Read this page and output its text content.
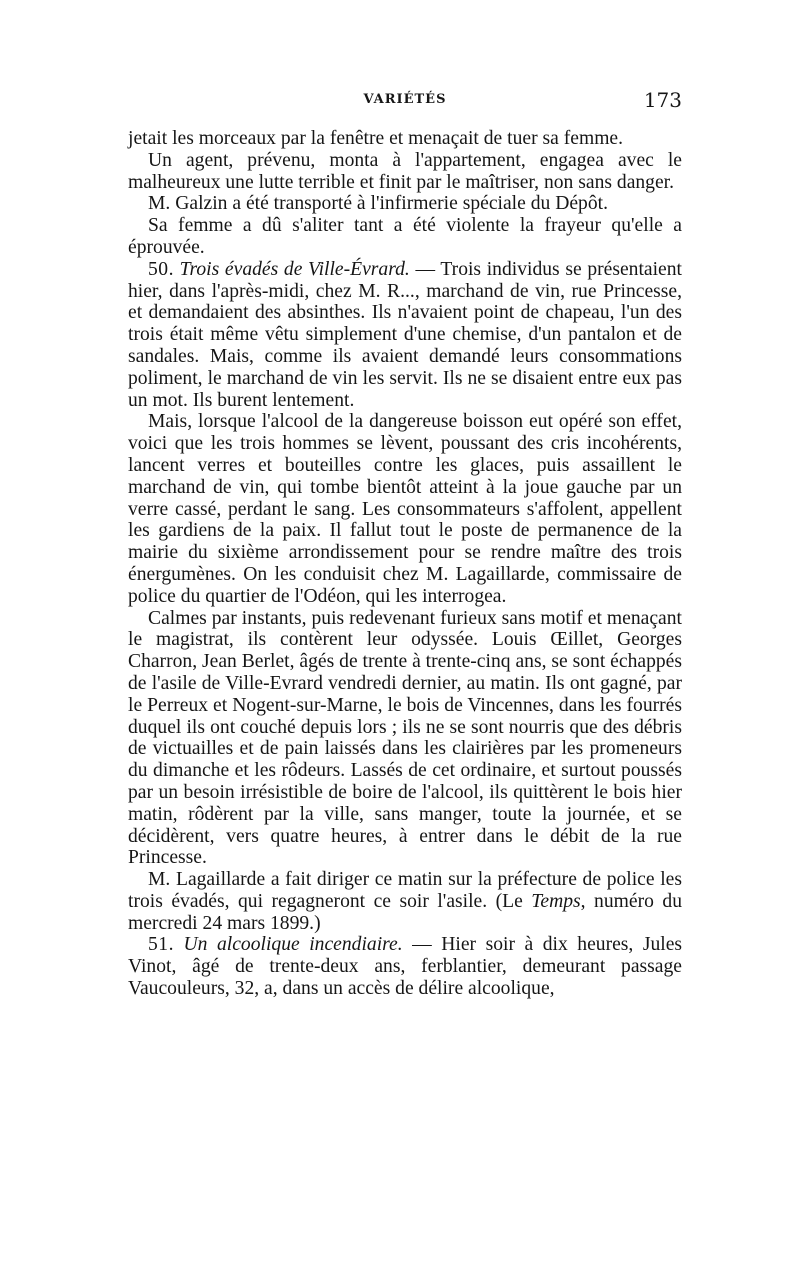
VARIÉTÉS	173

jetait les morceaux par la fenêtre et menaçait de tuer sa femme.

Un agent, prévenu, monta à l'appartement, engagea avec le malheureux une lutte terrible et finit par le maîtriser, non sans danger.

M. Galzin a été transporté à l'infirmerie spéciale du Dépôt.

Sa femme a dû s'aliter tant a été violente la frayeur qu'elle a éprouvée.

50. Trois évadés de Ville-Évrard. — Trois individus se présentaient hier, dans l'après-midi, chez M. R..., marchand de vin, rue Princesse, et demandaient des absinthes. Ils n'avaient point de chapeau, l'un des trois était même vêtu simplement d'une chemise, d'un pantalon et de sandales. Mais, comme ils avaient demandé leurs consommations poliment, le marchand de vin les servit. Ils ne se disaient entre eux pas un mot. Ils burent lentement.

Mais, lorsque l'alcool de la dangereuse boisson eut opéré son effet, voici que les trois hommes se lèvent, poussant des cris incohérents, lancent verres et bouteilles contre les glaces, puis assaillent le marchand de vin, qui tombe bientôt atteint à la joue gauche par un verre cassé, perdant le sang. Les consommateurs s'affolent, appellent les gardiens de la paix. Il fallut tout le poste de permanence de la mairie du sixième arrondissement pour se rendre maître des trois énergumènes. On les conduisit chez M. Lagaillarde, commissaire de police du quartier de l'Odéon, qui les interrogea.

Calmes par instants, puis redevenant furieux sans motif et menaçant le magistrat, ils contèrent leur odyssée. Louis Œillet, Georges Charron, Jean Berlet, âgés de trente à trente-cinq ans, se sont échappés de l'asile de Ville-Evrard vendredi dernier, au matin. Ils ont gagné, par le Perreux et Nogent-sur-Marne, le bois de Vincennes, dans les fourrés duquel ils ont couché depuis lors ; ils ne se sont nourris que des débris de victuailles et de pain laissés dans les clairières par les promeneurs du dimanche et les rôdeurs. Lassés de cet ordinaire, et surtout poussés par un besoin irrésistible de boire de l'alcool, ils quittèrent le bois hier matin, rôdèrent par la ville, sans manger, toute la journée, et se décidèrent, vers quatre heures, à entrer dans le débit de la rue Princesse.

M. Lagaillarde a fait diriger ce matin sur la préfecture de police les trois évadés, qui regagneront ce soir l'asile. (Le Temps, numéro du mercredi 24 mars 1899.)

51. Un alcoolique incendiaire. — Hier soir à dix heures, Jules Vinot, âgé de trente-deux ans, ferblantier, demeurant passage Vaucouleurs, 32, a, dans un accès de délire alcoolique,
